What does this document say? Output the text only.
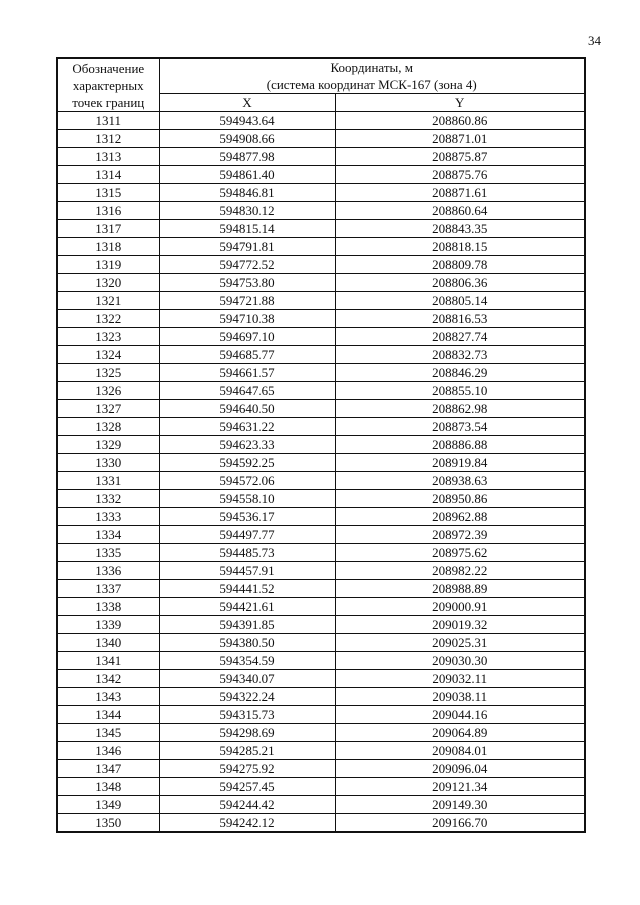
34
Обозначение
характерных
точек границ	Координаты, м
(система координат МСК-167 (зона 4)	

	X	Y
1311	594943.64	208860.86
1312	594908.66	208871.01
1313	594877.98	208875.87
1314	594861.40	208875.76
1315	594846.81	208871.61
1316	594830.12	208860.64
1317	594815.14	208843.35
1318	594791.81	208818.15
1319	594772.52	208809.78
1320	594753.80	208806.36
1321	594721.88	208805.14
1322	594710.38	208816.53
1323	594697.10	208827.74
1324	594685.77	208832.73
1325	594661.57	208846.29
1326	594647.65	208855.10
1327	594640.50	208862.98
1328	594631.22	208873.54
1329	594623.33	208886.88
1330	594592.25	208919.84
1331	594572.06	208938.63
1332	594558.10	208950.86
1333	594536.17	208962.88
1334	594497.77	208972.39
1335	594485.73	208975.62
1336	594457.91	208982.22
1337	594441.52	208988.89
1338	594421.61	209000.91
1339	594391.85	209019.32
1340	594380.50	209025.31
1341	594354.59	209030.30
1342	594340.07	209032.11
1343	594322.24	209038.11
1344	594315.73	209044.16
1345	594298.69	209064.89
1346	594285.21	209084.01
1347	594275.92	209096.04
1348	594257.45	209121.34
1349	594244.42	209149.30
1350	594242.12	209166.70
